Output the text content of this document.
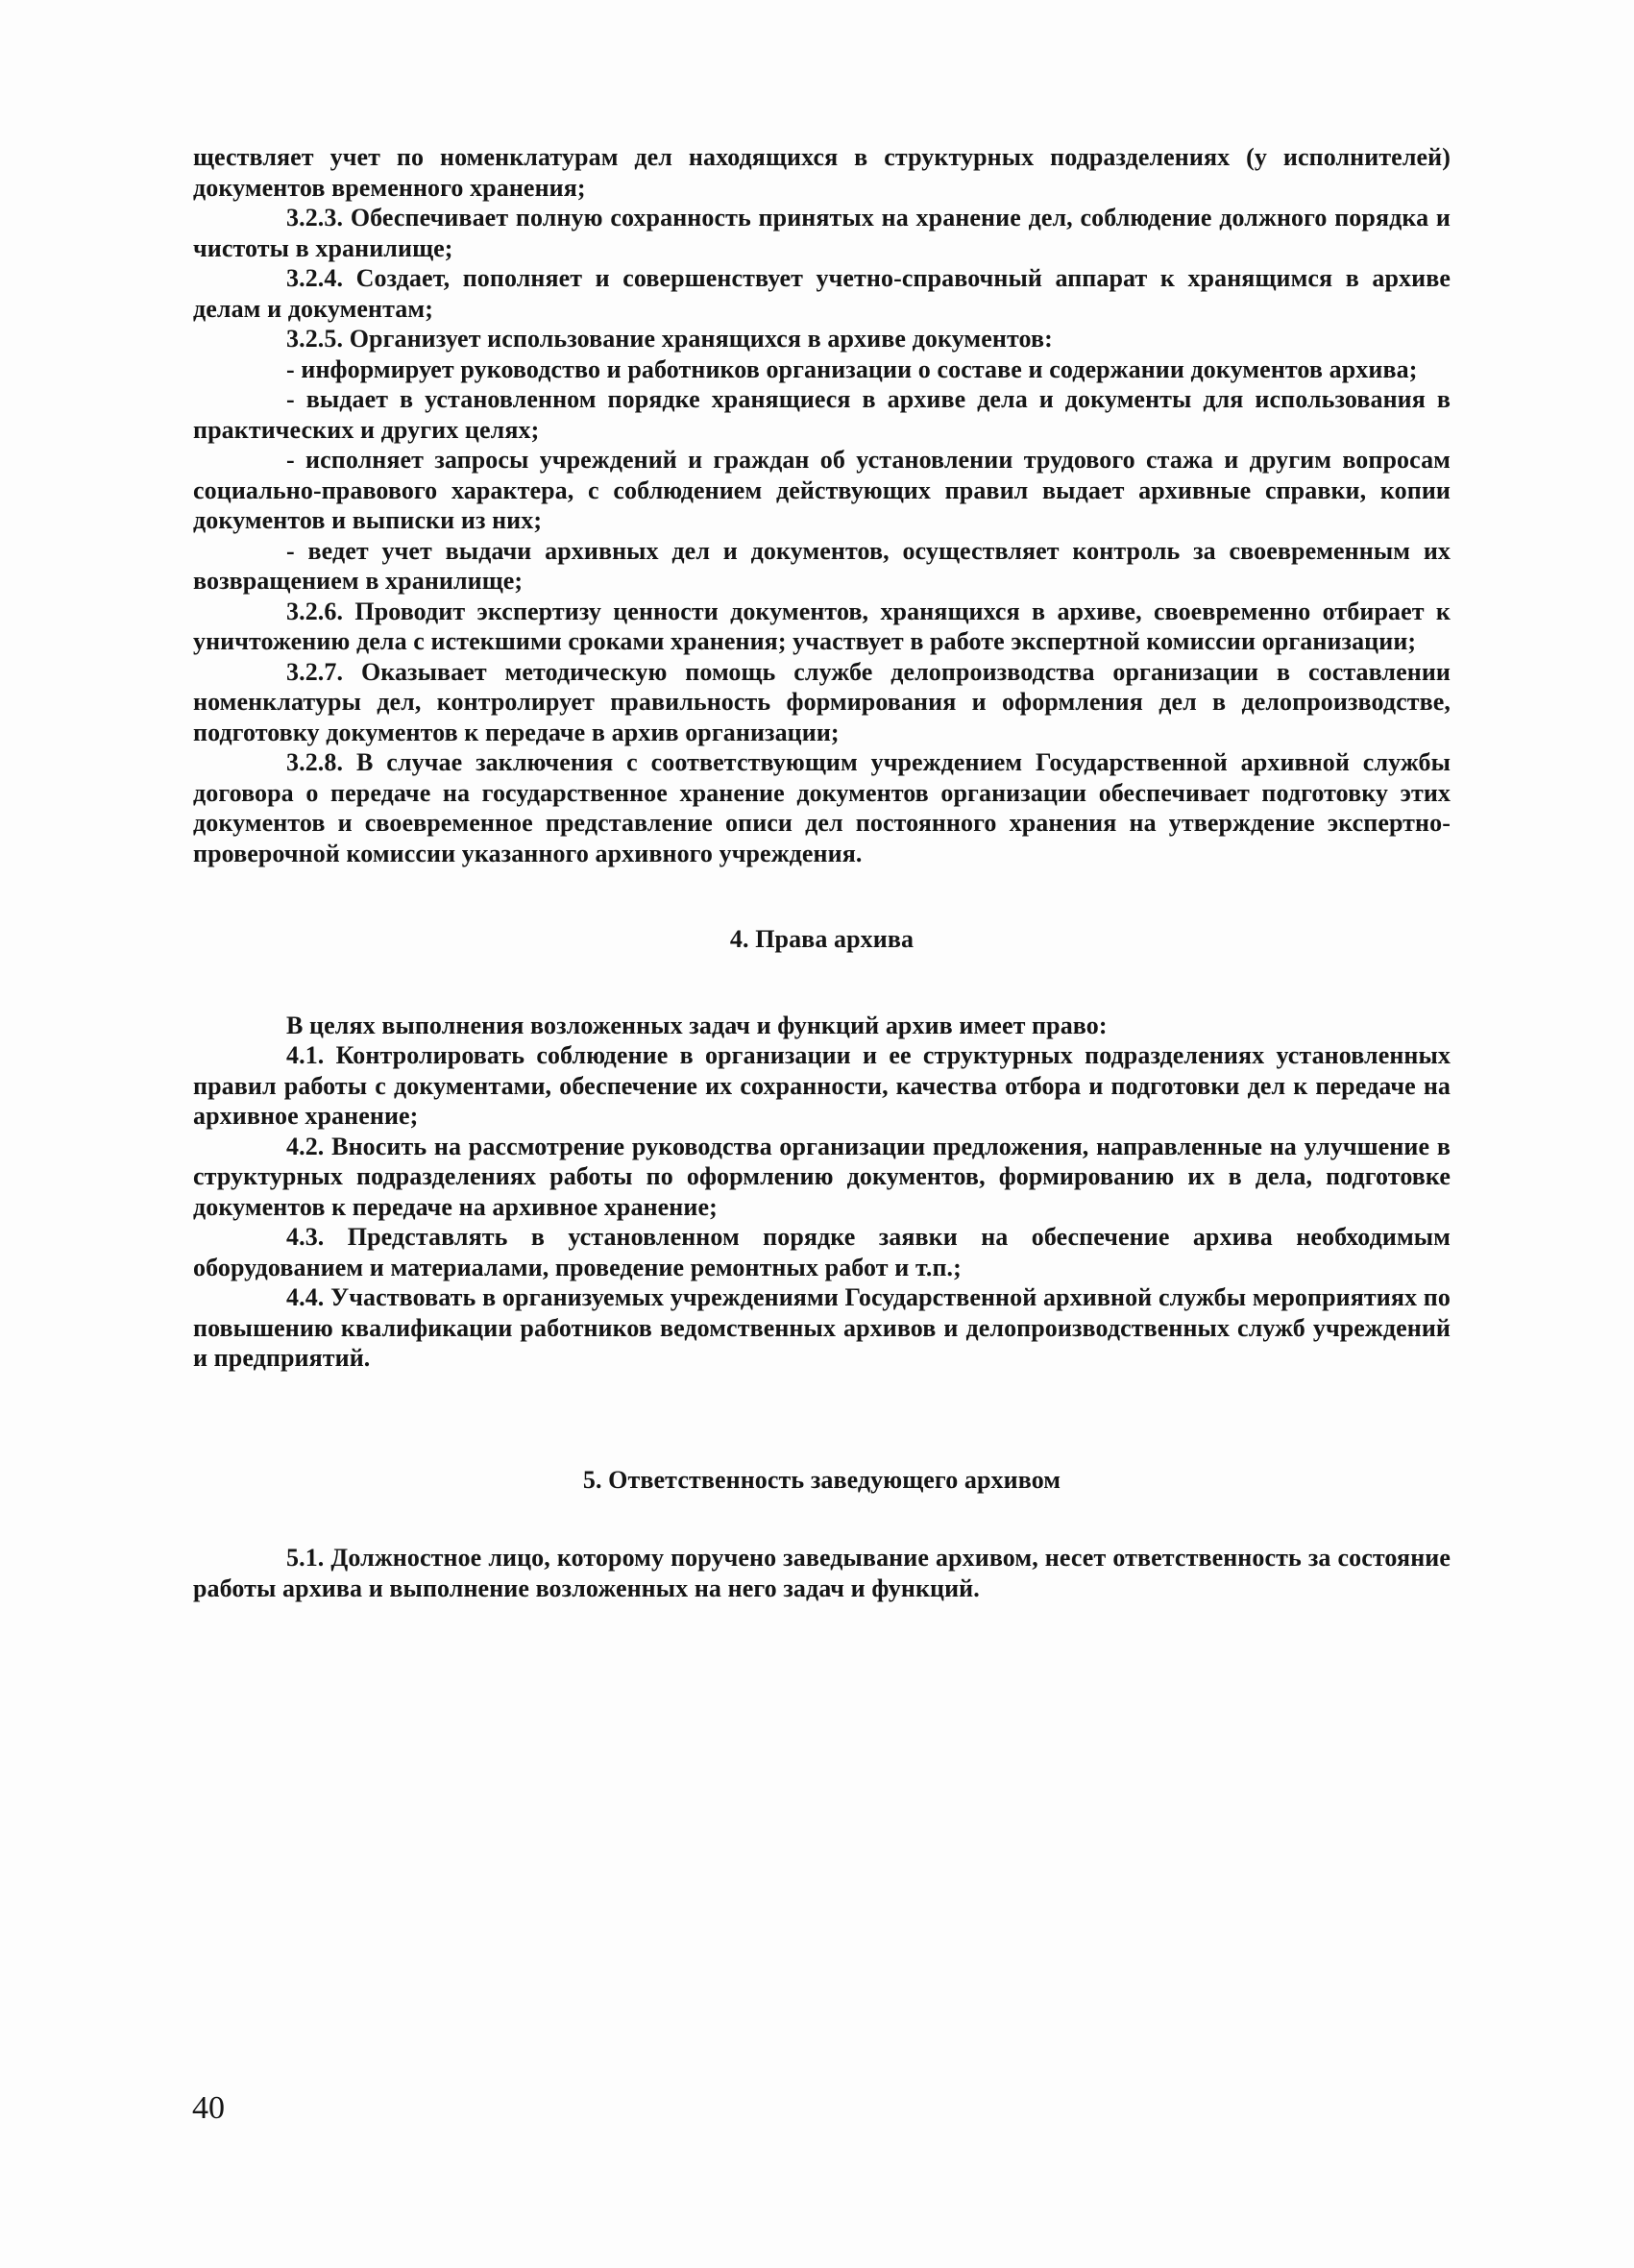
ществляет учет по номенклатурам дел находящихся в структурных подразделениях (у исполнителей) документов временного хранения;

3.2.3. Обеспечивает полную сохранность принятых на хранение дел, соблюдение должного порядка и чистоты в хранилище;

3.2.4. Создает, пополняет и совершенствует учетно-справочный аппарат к хранящимся в архиве делам и документам;

3.2.5. Организует использование хранящихся в архиве документов:

- информирует руководство и работников организации о составе и содержании документов архива;

- выдает в установленном порядке хранящиеся в архиве дела и документы для использования в практических и других целях;

- исполняет запросы учреждений и граждан об установлении трудового стажа и другим вопросам социально-правового характера, с соблюдением действующих правил выдает архивные справки, копии документов и выписки из них;

- ведет учет выдачи архивных дел и документов, осуществляет контроль за своевременным их возвращением в хранилище;

3.2.6. Проводит экспертизу ценности документов, хранящихся в архиве, своевременно отбирает к уничтожению дела с истекшими сроками хранения; участвует в работе экспертной комиссии организации;

3.2.7. Оказывает методическую помощь службе делопроизводства организации в составлении номенклатуры дел, контролирует правильность формирования и оформления дел в делопроизводстве, подготовку документов к передаче в архив организации;

3.2.8. В случае заключения с соответствующим учреждением Государственной архивной службы договора о передаче на государственное хранение документов организации обеспечивает подготовку этих документов и своевременное представление описи дел постоянного хранения на утверждение экспертно-проверочной комиссии указанного архивного учреждения.

4. Права архива

В целях выполнения возложенных задач и функций архив имеет право:

4.1. Контролировать соблюдение в организации и ее структурных подразделениях установленных правил работы с документами, обеспечение их сохранности, качества отбора и подготовки дел к передаче на архивное хранение;

4.2. Вносить на рассмотрение руководства организации предложения, направленные на улучшение в структурных подразделениях работы по оформлению документов, формированию их в дела, подготовке документов к передаче на архивное хранение;

4.3. Представлять в установленном порядке заявки на обеспечение архива необходимым оборудованием и материалами, проведение ремонтных работ и т.п.;

4.4. Участвовать в организуемых учреждениями Государственной архивной службы мероприятиях по повышению квалификации работников ведомственных архивов и делопроизводственных служб учреждений и предприятий.

5. Ответственность заведующего архивом

5.1. Должностное лицо, которому поручено заведывание архивом, несет ответственность за состояние работы архива и выполнение возложенных на него задач и функций.

40
